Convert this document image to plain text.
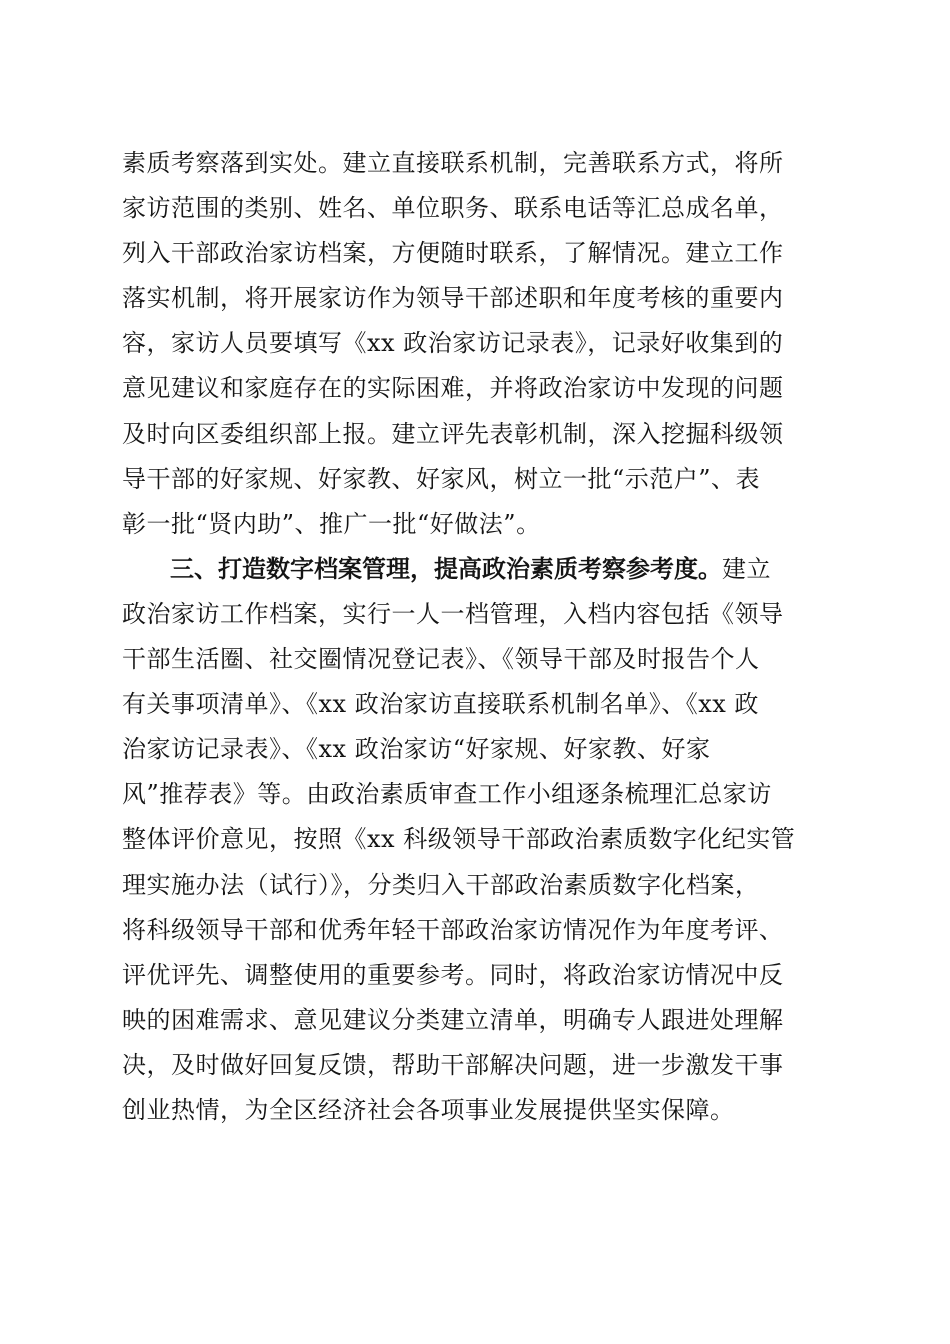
素质考察落到实处。建立直接联系机制，完善联系方式，将所
家访范围的类别、姓名、单位职务、联系电话等汇总成名单，
列入干部政治家访档案，方便随时联系，了解情况。建立工作
落实机制，将开展家访作为领导干部述职和年度考核的重要内
容，家访人员要填写《xx 政治家访记录表》，记录好收集到的
意见建议和家庭存在的实际困难，并将政治家访中发现的问题
及时向区委组织部上报。建立评先表彰机制，深入挖掘科级领
导干部的好家规、好家教、好家风，树立一批“示范户”、表
彰一批“贤内助”、推广一批“好做法”。
三、打造数字档案管理，提高政治素质考察参考度。建立
政治家访工作档案，实行一人一档管理，入档内容包括《领导
干部生活圈、社交圈情况登记表》、《领导干部及时报告个人
有关事项清单》、《xx 政治家访直接联系机制名单》、《xx 政
治家访记录表》、《xx 政治家访“好家规、好家教、好家
风”推荐表》等。由政治素质审查工作小组逐条梳理汇总家访
整体评价意见，按照《xx 科级领导干部政治素质数字化纪实管
理实施办法（试行）》，分类归入干部政治素质数字化档案，
将科级领导干部和优秀年轻干部政治家访情况作为年度考评、
评优评先、调整使用的重要参考。同时，将政治家访情况中反
映的困难需求、意见建议分类建立清单，明确专人跟进处理解
决，及时做好回复反馈，帮助干部解决问题，进一步激发干事
创业热情，为全区经济社会各项事业发展提供坚实保障。
